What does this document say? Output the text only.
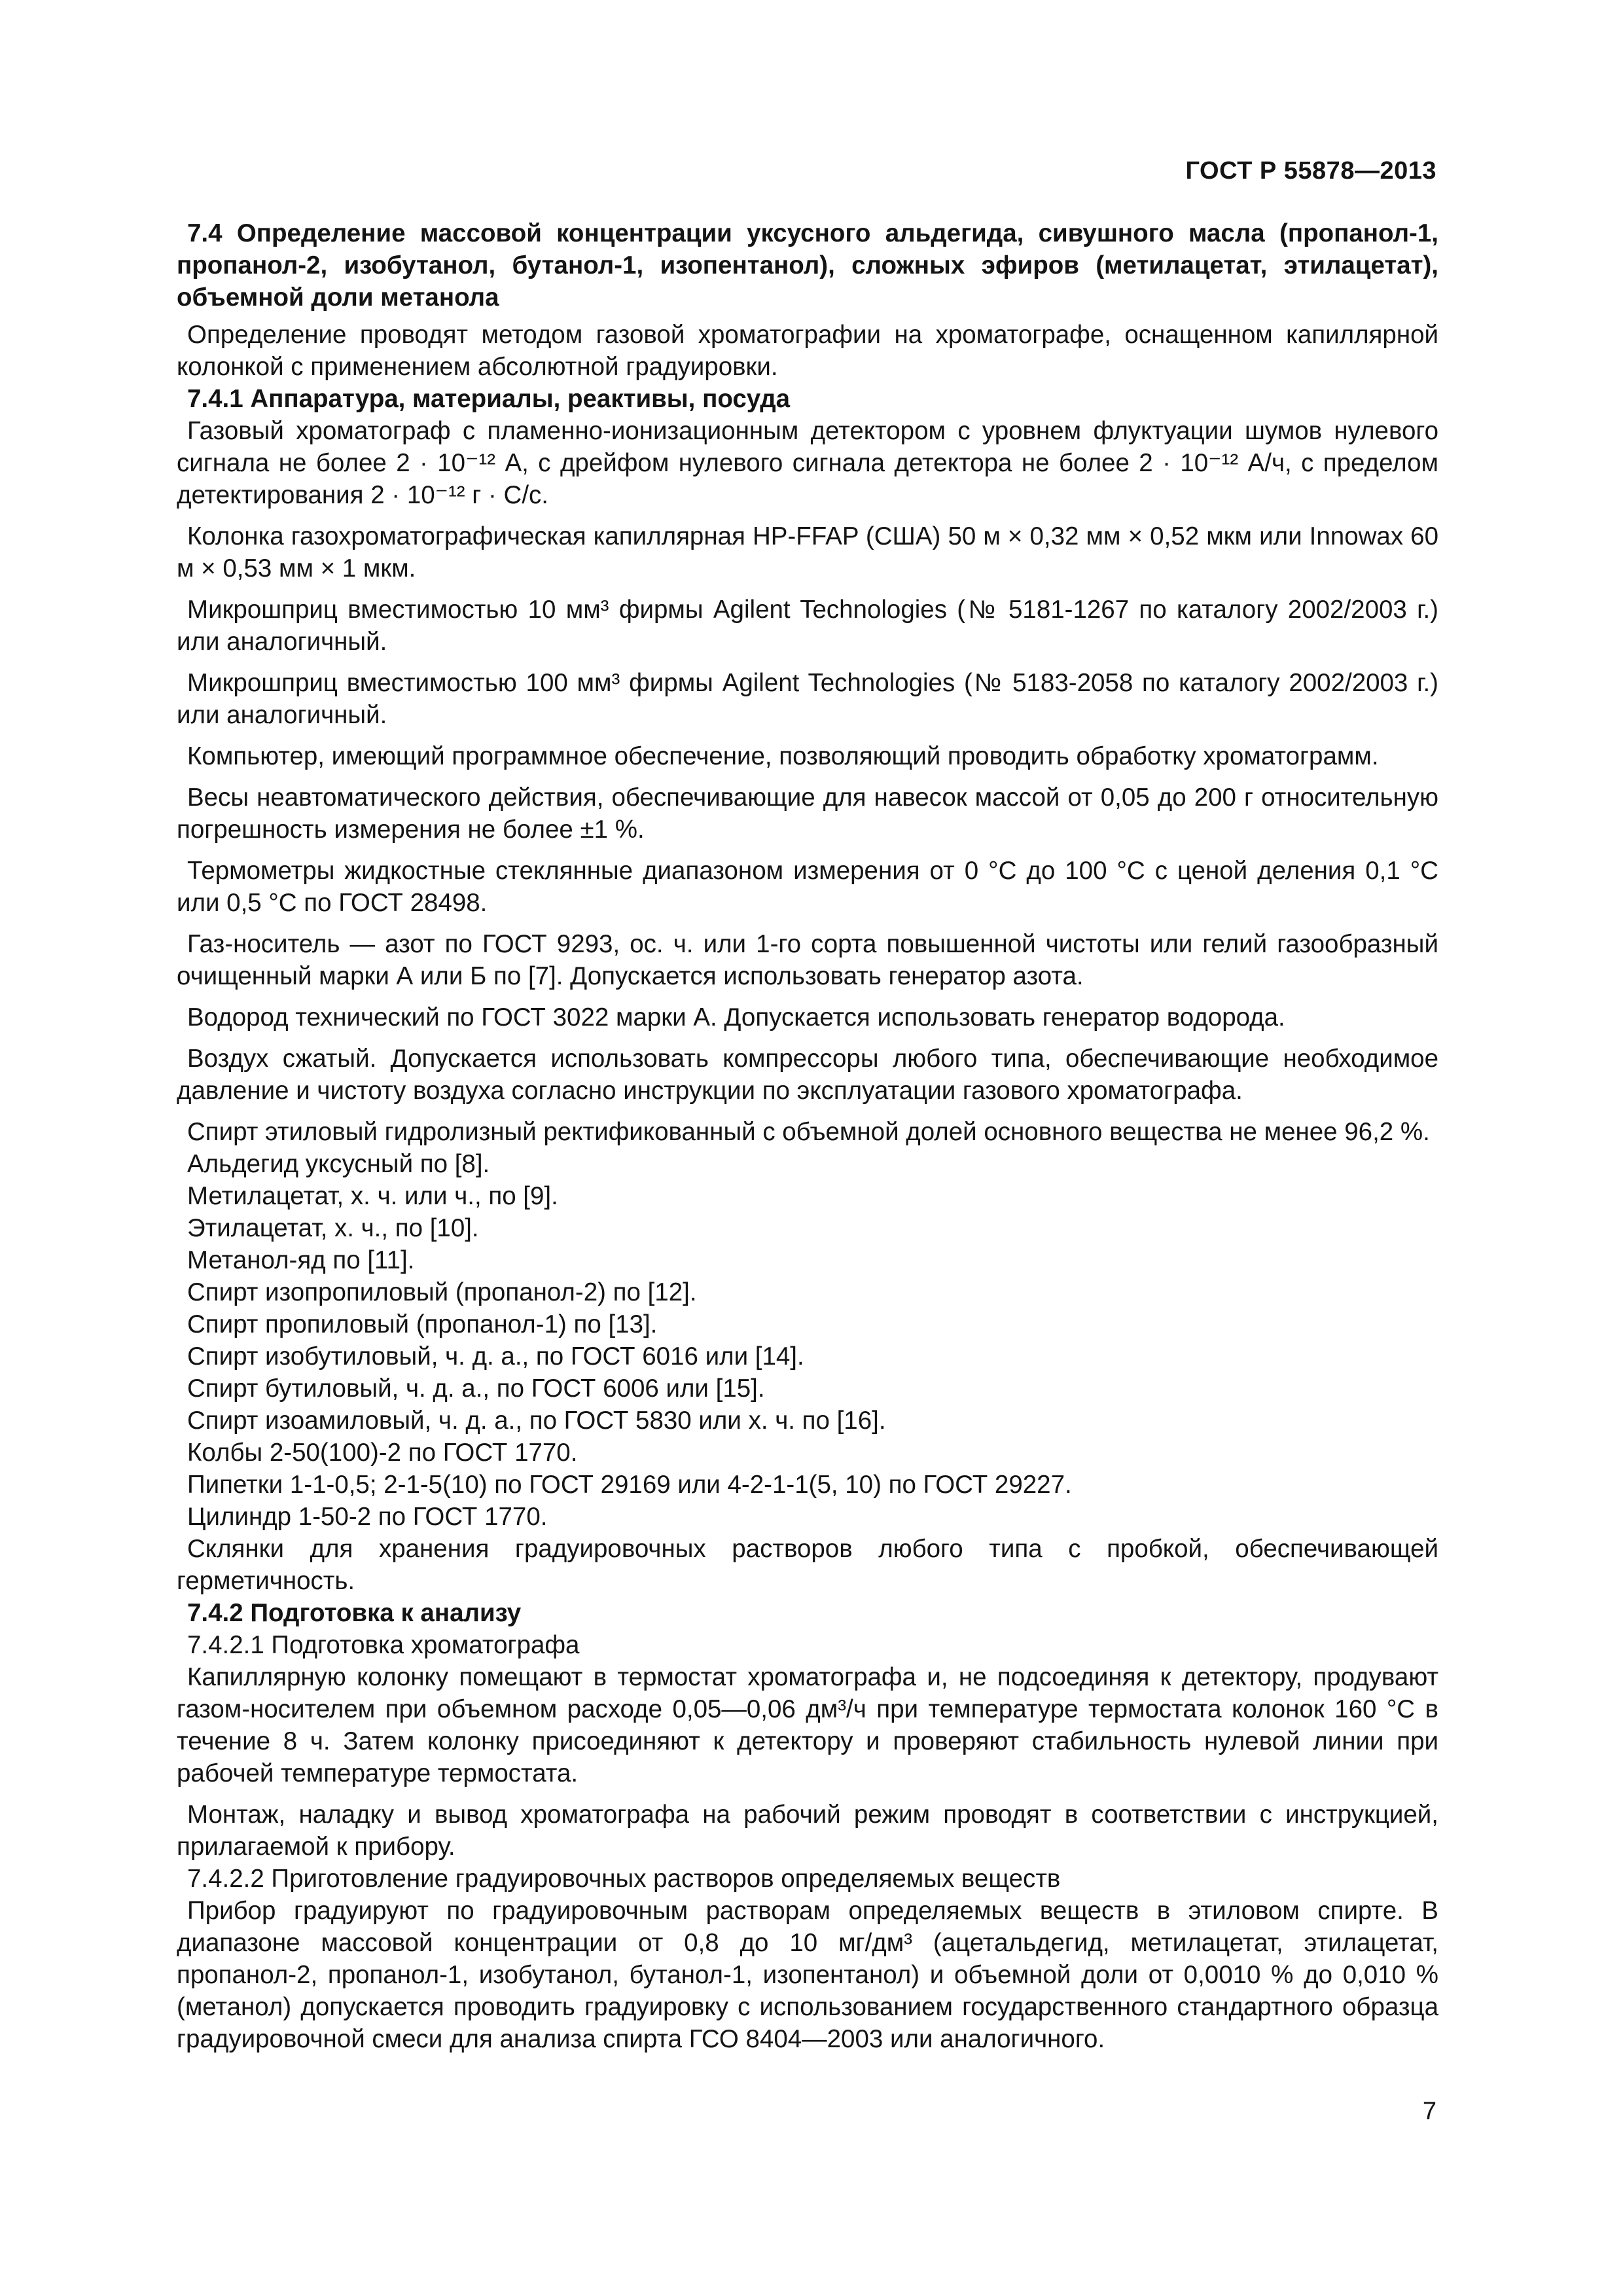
ГОСТ Р 55878—2013

7.4 Определение массовой концентрации уксусного альдегида, сивушного масла (пропанол-1, пропанол-2, изобутанол, бутанол-1, изопентанол), сложных эфиров (метилацетат, этилацетат), объемной доли метанола

Определение проводят методом газовой хроматографии на хроматографе, оснащенном капиллярной колонкой с применением абсолютной градуировки.

7.4.1 Аппаратура, материалы, реактивы, посуда

Газовый хроматограф с пламенно-ионизационным детектором с уровнем флуктуации шумов нулевого сигнала не более 2 · 10⁻¹² А, с дрейфом нулевого сигнала детектора не более 2 · 10⁻¹² А/ч, с пределом детектирования 2 · 10⁻¹² г · С/с.

Колонка газохроматографическая капиллярная HP-FFAP (США) 50 м × 0,32 мм × 0,52 мкм или Innowax 60 м × 0,53 мм × 1 мкм.

Микрошприц вместимостью 10 мм³ фирмы Agilent Technologies (№ 5181-1267 по каталогу 2002/2003 г.) или аналогичный.

Микрошприц вместимостью 100 мм³ фирмы Agilent Technologies (№ 5183-2058 по каталогу 2002/2003 г.) или аналогичный.

Компьютер, имеющий программное обеспечение, позволяющий проводить обработку хроматограмм.

Весы неавтоматического действия, обеспечивающие для навесок массой от 0,05 до 200 г относительную погрешность измерения не более ±1 %.

Термометры жидкостные стеклянные диапазоном измерения от 0 °С до 100 °С с ценой деления 0,1 °С или 0,5 °С по ГОСТ 28498.

Газ-носитель — азот по ГОСТ 9293, ос. ч. или 1-го сорта повышенной чистоты или гелий газообразный очищенный марки А или Б по [7]. Допускается использовать генератор азота.

Водород технический по ГОСТ 3022 марки А. Допускается использовать генератор водорода.

Воздух сжатый. Допускается использовать компрессоры любого типа, обеспечивающие необходимое давление и чистоту воздуха согласно инструкции по эксплуатации газового хроматографа.

Спирт этиловый гидролизный ректификованный с объемной долей основного вещества не менее 96,2 %.

Альдегид уксусный по [8].

Метилацетат, х. ч. или ч., по [9].

Этилацетат, х. ч., по [10].

Метанол-яд по [11].

Спирт изопропиловый (пропанол-2) по [12].

Спирт пропиловый (пропанол-1) по [13].

Спирт изобутиловый, ч. д. а., по ГОСТ 6016 или [14].

Спирт бутиловый, ч. д. а., по ГОСТ 6006 или [15].

Спирт изоамиловый, ч. д. а., по ГОСТ 5830 или х. ч. по [16].

Колбы 2-50(100)-2 по ГОСТ 1770.

Пипетки 1-1-0,5; 2-1-5(10) по ГОСТ 29169 или 4-2-1-1(5, 10) по ГОСТ 29227.

Цилиндр 1-50-2 по ГОСТ 1770.

Склянки для хранения градуировочных растворов любого типа с пробкой, обеспечивающей герметичность.

7.4.2 Подготовка к анализу

7.4.2.1 Подготовка хроматографа

Капиллярную колонку помещают в термостат хроматографа и, не подсоединяя к детектору, продувают газом-носителем при объемном расходе 0,05—0,06 дм³/ч при температуре термостата колонок 160 °С в течение 8 ч. Затем колонку присоединяют к детектору и проверяют стабильность нулевой линии при рабочей температуре термостата.

Монтаж, наладку и вывод хроматографа на рабочий режим проводят в соответствии с инструкцией, прилагаемой к прибору.

7.4.2.2 Приготовление градуировочных растворов определяемых веществ

Прибор градуируют по градуировочным растворам определяемых веществ в этиловом спирте. В диапазоне массовой концентрации от 0,8 до 10 мг/дм³ (ацетальдегид, метилацетат, этилацетат, пропанол-2, пропанол-1, изобутанол, бутанол-1, изопентанол) и объемной доли от 0,0010 % до 0,010 % (метанол) допускается проводить градуировку с использованием государственного стандартного образца градуировочной смеси для анализа спирта ГСО 8404—2003 или аналогичного.

7
